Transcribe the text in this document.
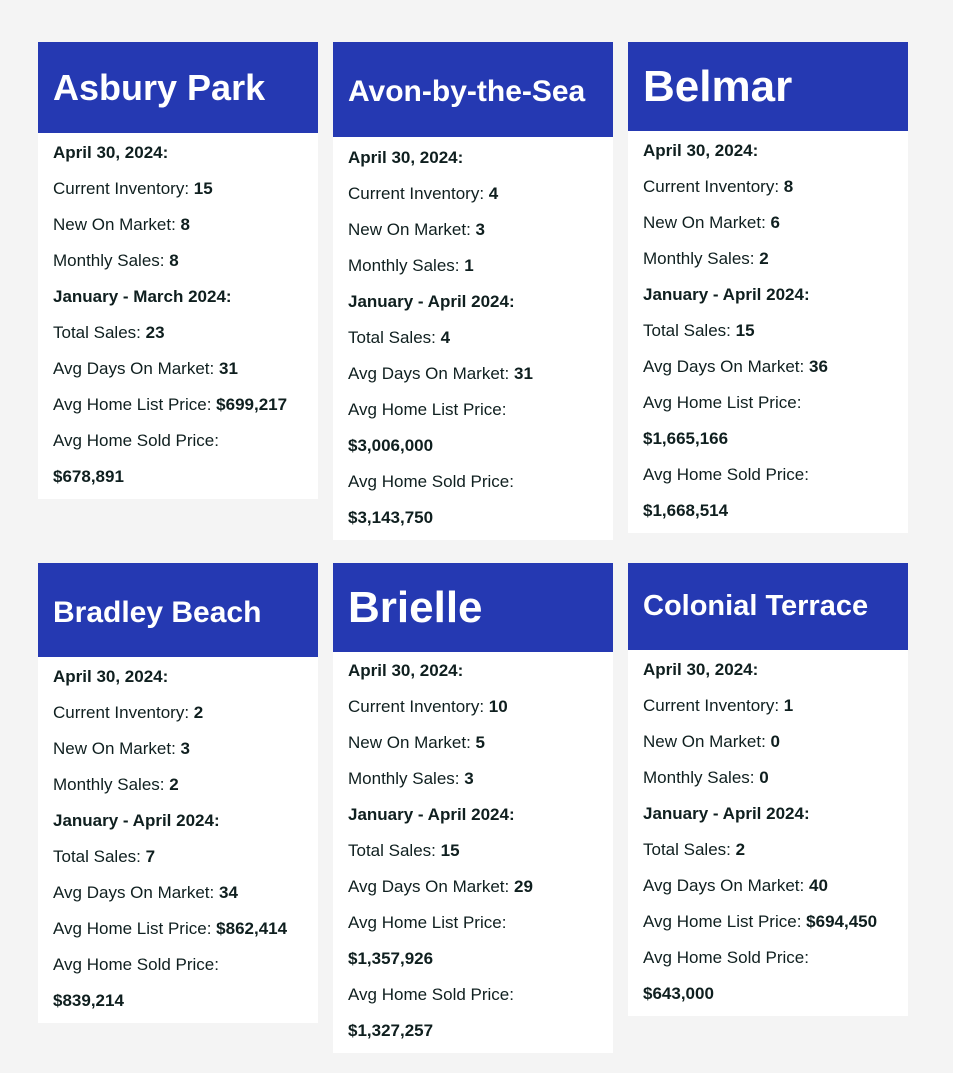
Asbury Park
April 30, 2024:
Current Inventory: 15
New On Market: 8
Monthly Sales: 8
January - March 2024:
Total Sales: 23
Avg Days On Market: 31
Avg Home List Price: $699,217
Avg Home Sold Price:
$678,891
Avon-by-the-Sea
April 30, 2024:
Current Inventory: 4
New On Market: 3
Monthly Sales: 1
January - April 2024:
Total Sales: 4
Avg Days On Market: 31
Avg Home List Price:
$3,006,000
Avg Home Sold Price:
$3,143,750
Belmar
April 30, 2024:
Current Inventory: 8
New On Market: 6
Monthly Sales: 2
January - April 2024:
Total Sales: 15
Avg Days On Market: 36
Avg Home List Price:
$1,665,166
Avg Home Sold Price:
$1,668,514
Bradley Beach
April 30, 2024:
Current Inventory: 2
New On Market: 3
Monthly Sales: 2
January - April 2024:
Total Sales: 7
Avg Days On Market: 34
Avg Home List Price: $862,414
Avg Home Sold Price:
$839,214
Brielle
April 30, 2024:
Current Inventory: 10
New On Market: 5
Monthly Sales: 3
January - April 2024:
Total Sales: 15
Avg Days On Market: 29
Avg Home List Price:
$1,357,926
Avg Home Sold Price:
$1,327,257
Colonial Terrace
April 30, 2024:
Current Inventory: 1
New On Market: 0
Monthly Sales: 0
January - April 2024:
Total Sales: 2
Avg Days On Market: 40
Avg Home List Price: $694,450
Avg Home Sold Price:
$643,000
